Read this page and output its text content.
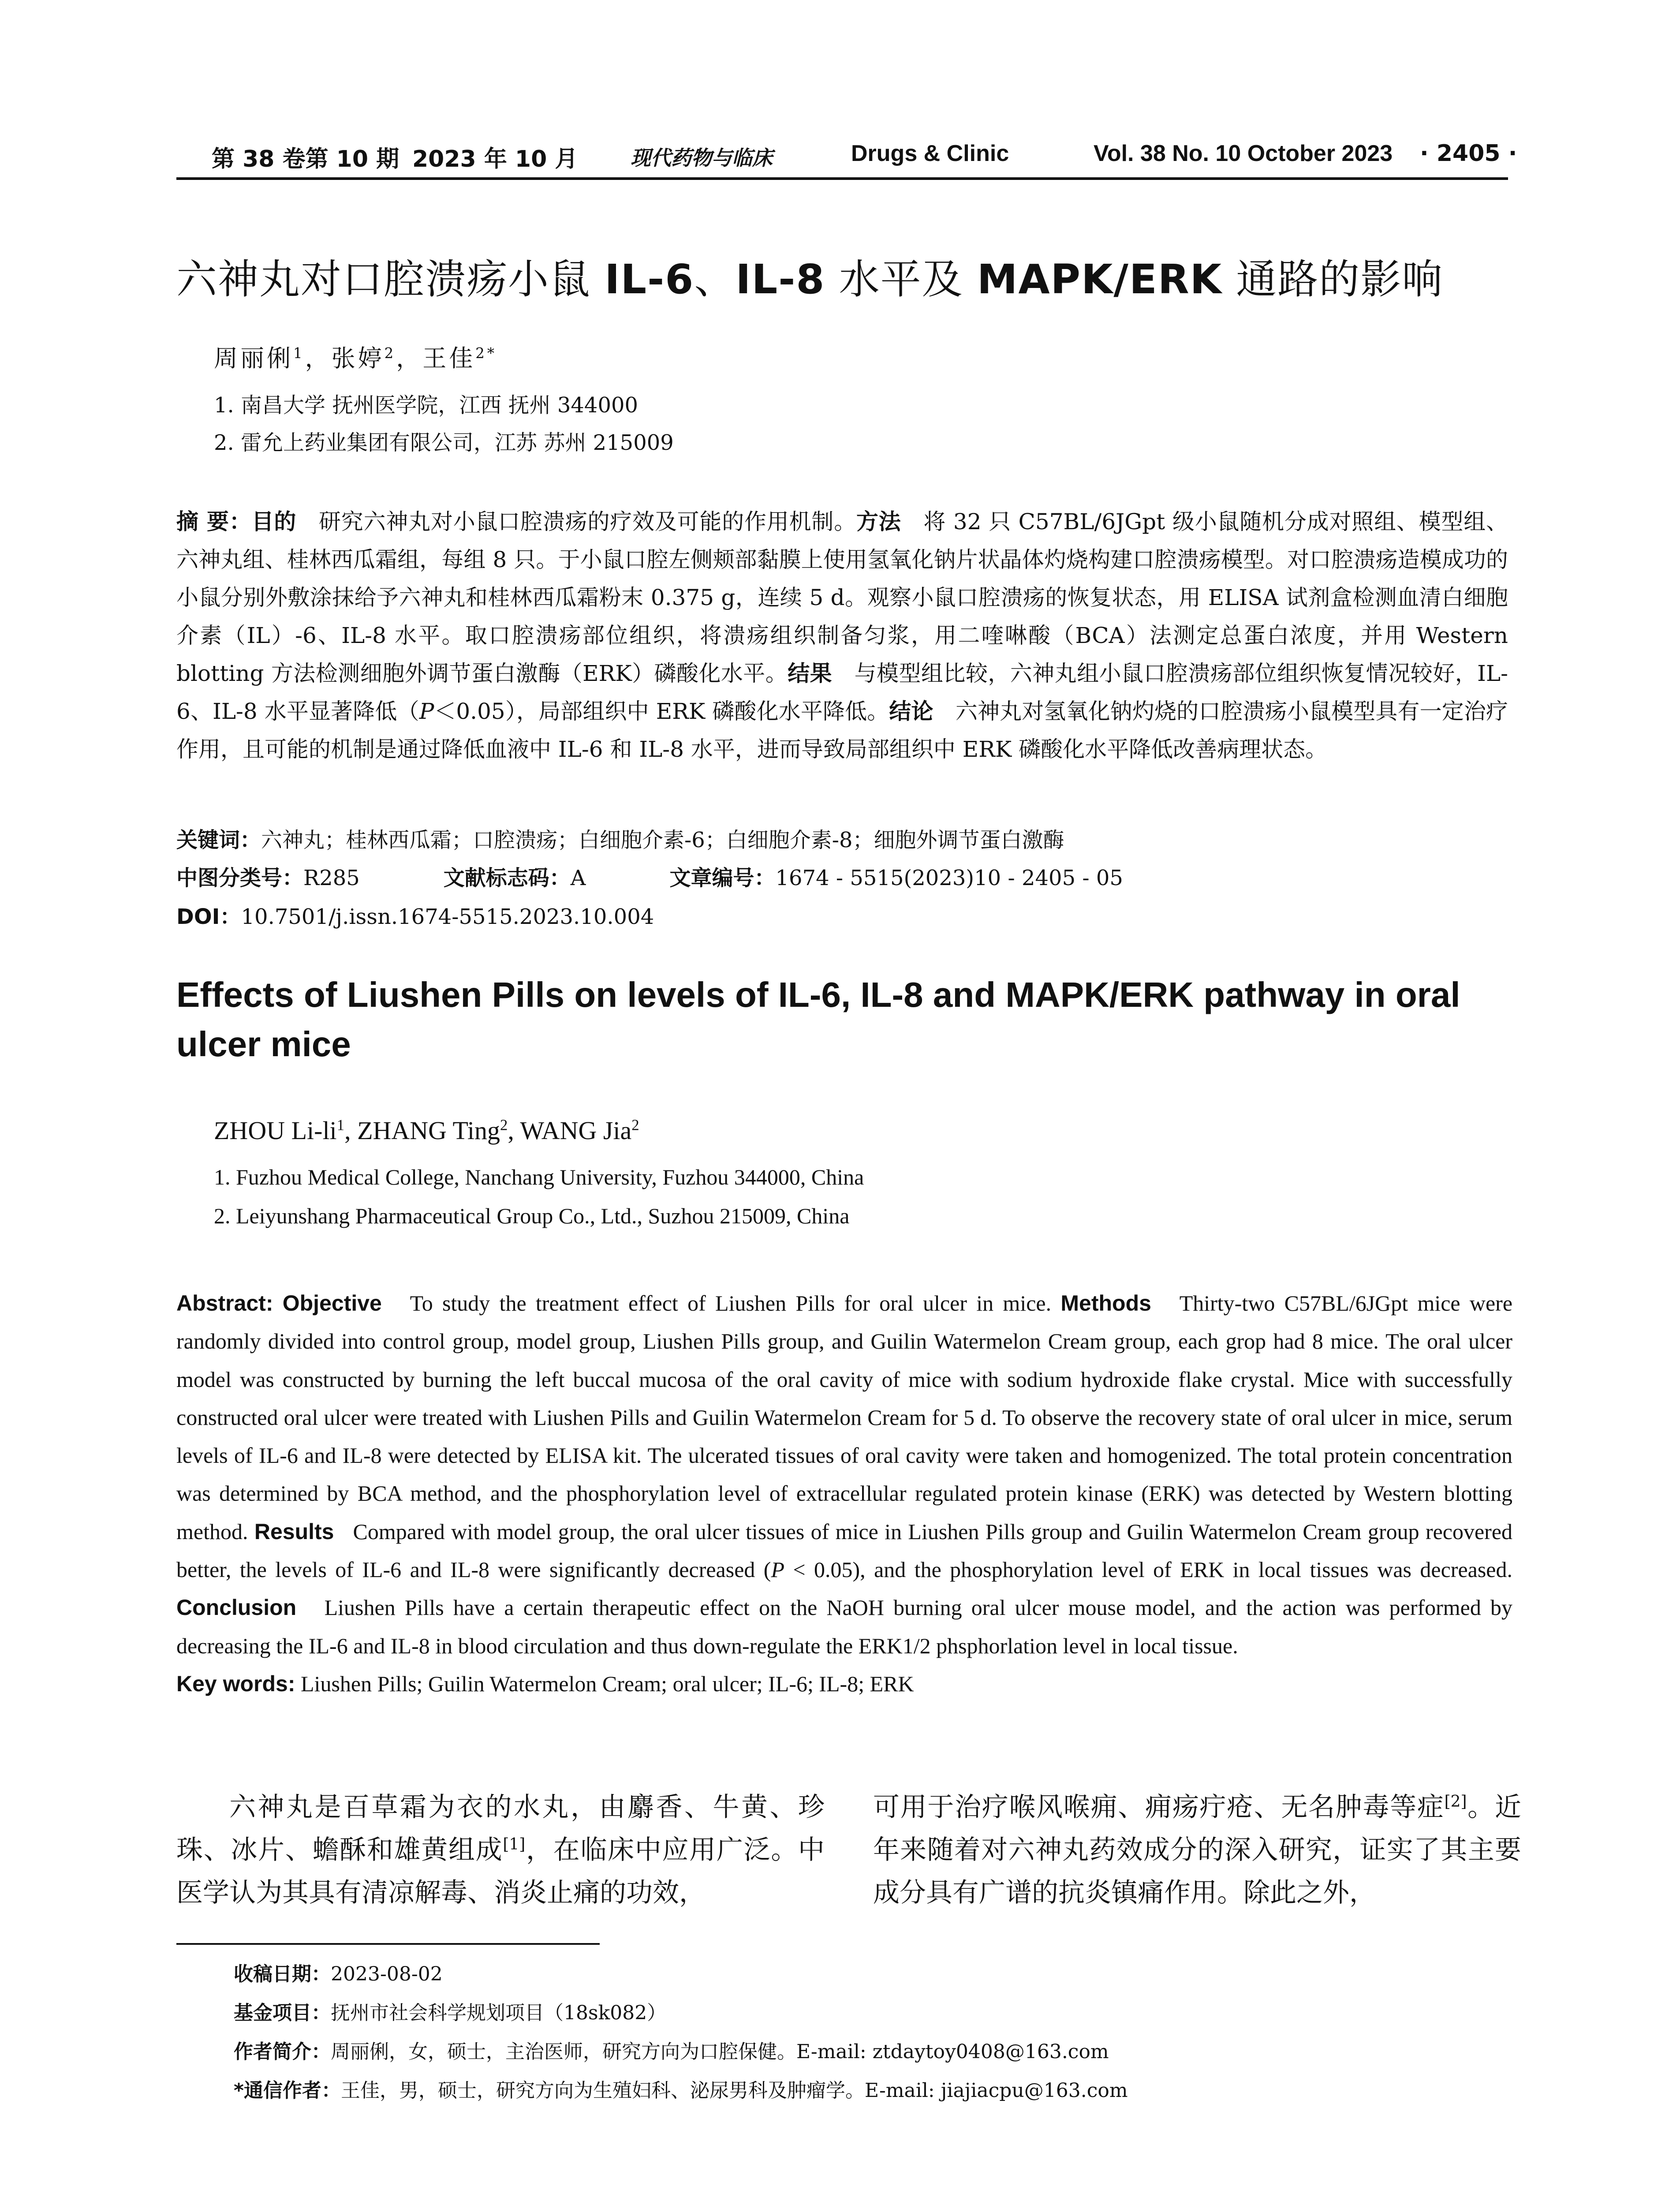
第 38 卷第 10 期 2023 年 10 月	现代药物与临床	Drugs & Clinic	Vol. 38 No. 10 October 2023 · 2405 ·
六神丸对口腔溃疡小鼠 IL-6、IL-8 水平及 MAPK/ERK 通路的影响
周丽俐$^1$，张婷$^2$，王佳$^{2*}$
1. 南昌大学 抚州医学院，江西 抚州 344000
2. 雷允上药业集团有限公司，江苏 苏州 215009
摘 要：目的　 研究六神丸对小鼠口腔溃疡的疗效及可能的作用机制。方法　 将 32 只 C57BL/6JGpt 级小鼠随机分成对照组、模型组、六神丸组、桂林西瓜霜组，每组 8 只。于小鼠口腔左侧颊部黏膜上使用氢氧化钠片状晶体灼烧构建口腔溃疡模型。对口腔溃疡造模成功的小鼠分别外敷涂抹给予六神丸和桂林西瓜霜粉末 0.375 g，连续 5 d。观察小鼠口腔溃疡的恢复状态，用 ELISA 试剂盒检测血清白细胞介素（IL）-6、IL-8 水平。取口腔溃疡部位组织，将溃疡组织制备匀浆，用二喹啉酸（BCA）法测定总蛋白浓度，并用 Western blotting 方法检测细胞外调节蛋白激酶（ERK）磷酸化水平。结果　 与模型组比较，六神丸组小鼠口腔溃疡部位组织恢复情况较好，IL-6、IL-8 水平显著降低（P＜0.05），局部组织中 ERK 磷酸化水平降低。结论　 六神丸对氢氧化钠灼烧的口腔溃疡小鼠模型具有一定治疗作用，且可能的机制是通过降低血液中 IL-6 和 IL-8 水平，进而导致局部组织中 ERK 磷酸化水平降低改善病理状态。
关键词：六神丸；桂林西瓜霜；口腔溃疡；白细胞介素-6；白细胞介素-8；细胞外调节蛋白激酶
中图分类号：R285	文献标志码：A	文章编号：1674 - 5515(2023)10 - 2405 - 05
DOI：10.7501/j.issn.1674-5515.2023.10.004
Effects of Liushen Pills on levels of IL-6, IL-8 and MAPK/ERK pathway in oral ulcer mice
ZHOU $Li-li^1$, ZHANG Ting$^2$, WANG Jia$^2$
1. Fuzhou Medical College, Nanchang University, Fuzhou 344000, China
2. Leiyunshang Pharmaceutical Group Co., Ltd., Suzhou 215009, China
Abstract: Objective To study the treatment effect of Liushen Pills for oral ulcer in mice. Methods Thirty-two C57BL/6JGpt mice were randomly divided into control group, model group, Liushen Pills group, and Guilin Watermelon Cream group, each grop had 8 mice. The oral ulcer model was constructed by burning the left buccal mucosa of the oral cavity of mice with sodium hydroxide flake crystal. Mice with successfully constructed oral ulcer were treated with Liushen Pills and Guilin Watermelon Cream for 5 d. To observe the recovery state of oral ulcer in mice, serum levels of IL-6 and IL-8 were detected by ELISA kit. The ulcerated tissues of oral cavity were taken and homogenized. The total protein concentration was determined by BCA method, and the phosphorylation level of extracellular regulated protein kinase (ERK) was detected by Western blotting method. Results Compared with model group, the oral ulcer tissues of mice in Liushen Pills group and Guilin Watermelon Cream group recovered better, the levels of IL-6 and IL-8 were significantly decreased (P < 0.05), and the phosphorylation level of ERK in local tissues was decreased. Conclusion Liushen Pills have a certain therapeutic effect on the NaOH burning oral ulcer mouse model, and the action was performed by decreasing the IL-6 and IL-8 in blood circulation and thus down-regulate the ERK1/2 phsphorlation level in local tissue.
Key words: Liushen Pills; Guilin Watermelon Cream; oral ulcer; IL-6; IL-8; ERK
六神丸是百草霜为衣的水丸，由麝香、牛黄、珍珠、冰片、蟾酥和雄黄组成[1]，在临床中应用广泛。中医学认为其具有清凉解毒、消炎止痛的功效，
可用于治疗喉风喉痈、痈疡疔疮、无名肿毒等症[2]。近年来随着对六神丸药效成分的深入研究，证实了其主要成分具有广谱的抗炎镇痛作用。除此之外，
收稿日期：2023-08-02
基金项目：抚州市社会科学规划项目（18sk082）
作者简介：周丽俐，女，硕士，主治医师，研究方向为口腔保健。E-mail: ztdaytoy0408@163.com
*通信作者：王佳，男，硕士，研究方向为生殖妇科、泌尿男科及肿瘤学。E-mail: jiajiacpu@163.com
